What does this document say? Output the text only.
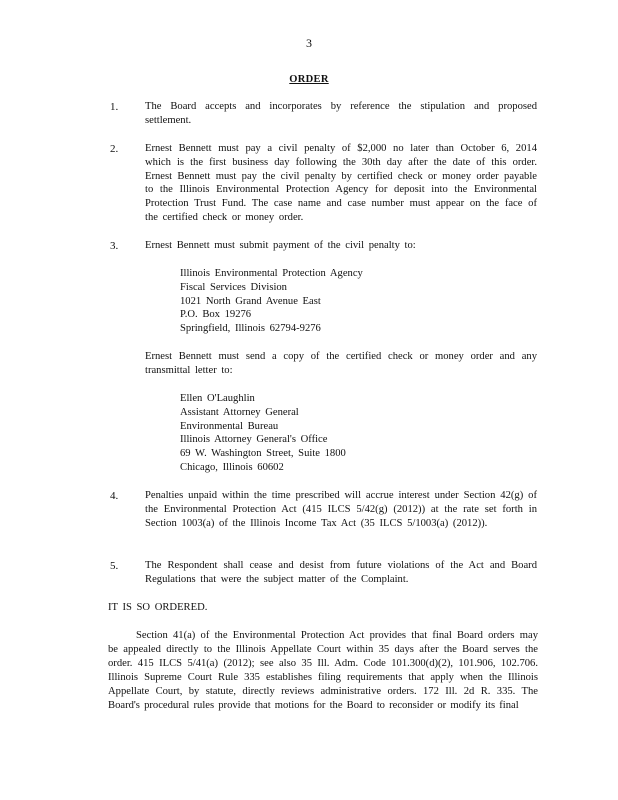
3
ORDER
1.	The Board accepts and incorporates by reference the stipulation and proposed settlement.
2.	Ernest Bennett must pay a civil penalty of $2,000 no later than October 6, 2014 which is the first business day following the 30th day after the date of this order. Ernest Bennett must pay the civil penalty by certified check or money order payable to the Illinois Environmental Protection Agency for deposit into the Environmental Protection Trust Fund. The case name and case number must appear on the face of the certified check or money order.
3.	Ernest Bennett must submit payment of the civil penalty to:
Illinois Environmental Protection Agency
Fiscal Services Division
1021 North Grand Avenue East
P.O. Box 19276
Springfield, Illinois 62794-9276
Ernest Bennett must send a copy of the certified check or money order and any transmittal letter to:
Ellen O'Laughlin
Assistant Attorney General
Environmental Bureau
Illinois Attorney General's Office
69 W. Washington Street, Suite 1800
Chicago, Illinois 60602
4.	Penalties unpaid within the time prescribed will accrue interest under Section 42(g) of the Environmental Protection Act (415 ILCS 5/42(g) (2012)) at the rate set forth in Section 1003(a) of the Illinois Income Tax Act (35 ILCS 5/1003(a) (2012)).
5.	The Respondent shall cease and desist from future violations of the Act and Board Regulations that were the subject matter of the Complaint.
IT IS SO ORDERED.
Section 41(a) of the Environmental Protection Act provides that final Board orders may be appealed directly to the Illinois Appellate Court within 35 days after the Board serves the order. 415 ILCS 5/41(a) (2012); see also 35 Ill. Adm. Code 101.300(d)(2), 101.906, 102.706. Illinois Supreme Court Rule 335 establishes filing requirements that apply when the Illinois Appellate Court, by statute, directly reviews administrative orders. 172 Ill. 2d R. 335. The Board's procedural rules provide that motions for the Board to reconsider or modify its final
